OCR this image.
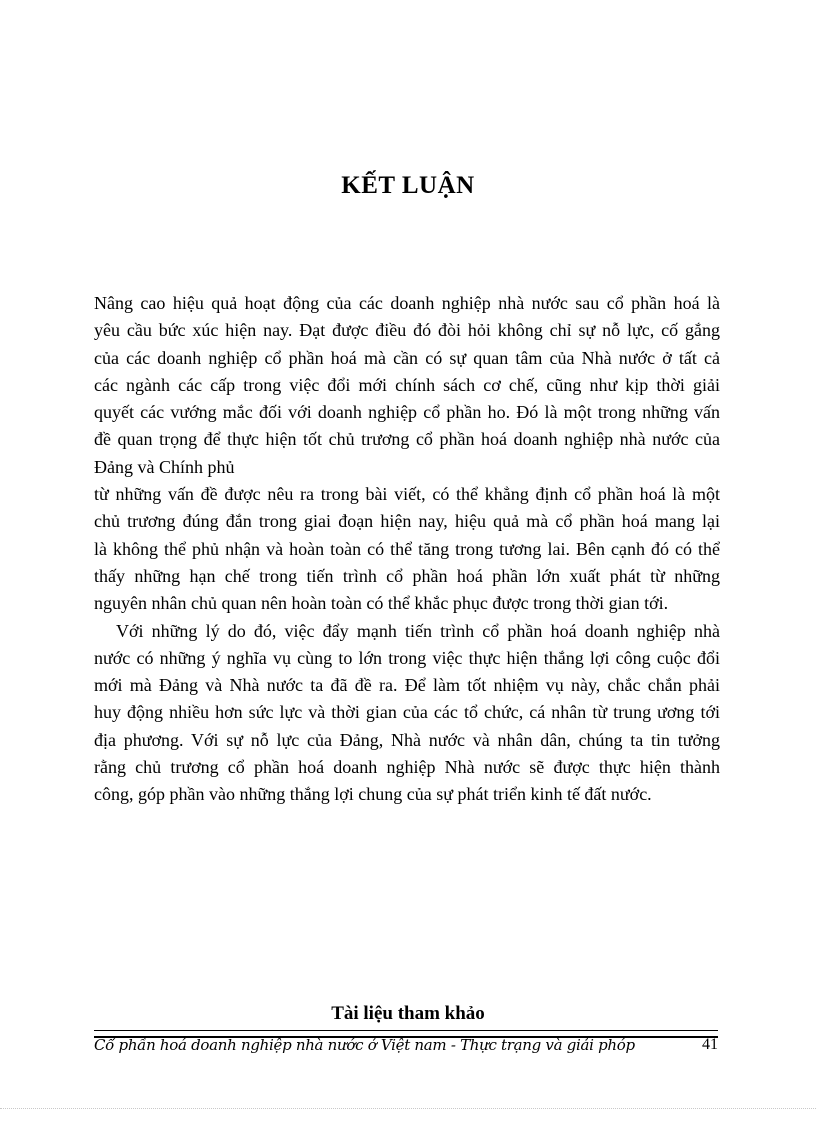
KẾT LUẬN

Nâng cao hiệu quả hoạt động của các doanh nghiệp nhà nước sau cổ phần hoá là

yêu cầu bức xúc hiện nay. Đạt được điều đó đòi hỏi không chỉ sự nỗ lực, cố gắng

của các doanh nghiệp cổ phần hoá mà cần có sự quan tâm của Nhà nước ở tất cả

các ngành các cấp trong việc đổi mới chính sách cơ chế, cũng như kịp thời giải

quyết các vướng mắc đối với doanh nghiệp cổ phần ho. Đó là một trong những vấn

đề quan trọng để thực hiện tốt chủ trương cổ phần hoá doanh nghiệp nhà nước của

Đảng và Chính phủ

từ những vấn đề được nêu ra trong bài viết, có thể khẳng định cổ phần hoá là một

chủ trương đúng đắn trong giai đoạn hiện nay, hiệu quả mà cổ phần hoá mang lại

là không thể phủ nhận và hoàn toàn có thể tăng trong tương lai. Bên cạnh đó có thể

thấy những hạn chế trong tiến trình cổ phần hoá phần lớn xuất phát từ những

nguyên nhân chủ quan nên hoàn toàn có thể khắc phục được trong thời gian tới.

Với những lý do đó, việc đẩy mạnh tiến trình cổ phần hoá doanh nghiệp nhà

nước có những ý nghĩa vụ cùng to lớn trong việc thực hiện thắng lợi công cuộc đổi

mới mà Đảng và Nhà nước ta đã đề ra. Để làm tốt nhiệm vụ này, chắc chắn phải

huy động nhiều hơn sức lực và thời gian của các tổ chức, cá nhân từ trung ương tới

địa phương. Với sự nỗ lực của Đảng, Nhà nước và nhân dân, chúng ta tin tưởng

rằng chủ trương cổ phần hoá doanh nghiệp Nhà nước sẽ được thực hiện thành

công, góp phần vào những thắng lợi chung của sự phát triển kinh tế đất nước.

Tài liệu tham khảo
Cổ phần hoá doanh nghiệp nhà nước ở Việt nam - Thực trạng và giải phóp	41
